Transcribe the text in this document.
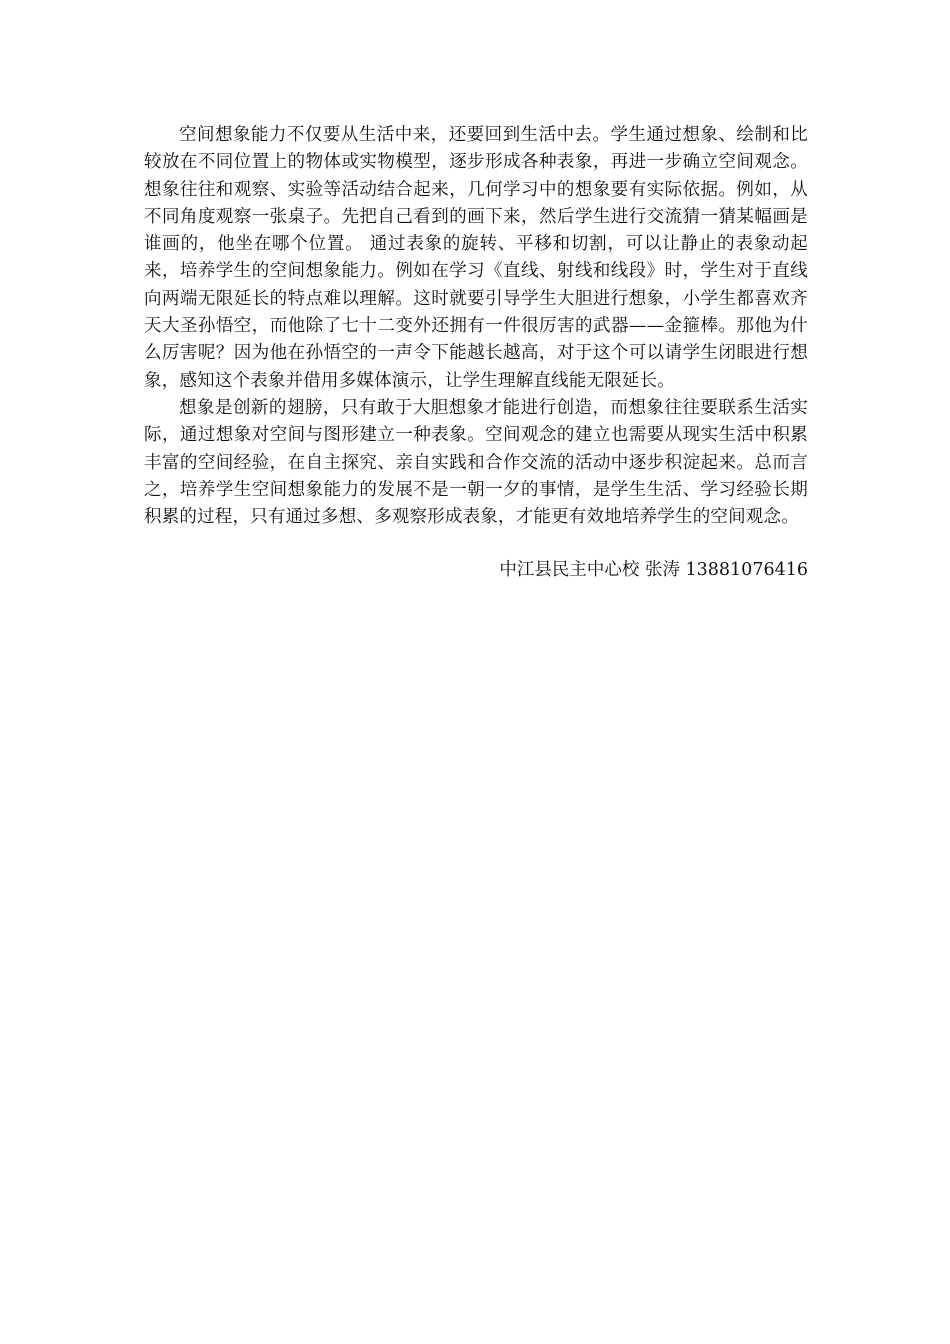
空间想象能力不仅要从生活中来，还要回到生活中去。学生通过想象、绘制和比较放在不同位置上的物体或实物模型，逐步形成各种表象，再进一步确立空间观念。想象往往和观察、实验等活动结合起来，几何学习中的想象要有实际依据。例如，从不同角度观察一张桌子。先把自己看到的画下来，然后学生进行交流猜一猜某幅画是谁画的，他坐在哪个位置。 通过表象的旋转、平移和切割，可以让静止的表象动起来，培养学生的空间想象能力。例如在学习《直线、射线和线段》时，学生对于直线向两端无限延长的特点难以理解。这时就要引导学生大胆进行想象，小学生都喜欢齐天大圣孙悟空，而他除了七十二变外还拥有一件很厉害的武器——金箍棒。那他为什么厉害呢？因为他在孙悟空的一声令下能越长越高，对于这个可以请学生闭眼进行想象，感知这个表象并借用多媒体演示，让学生理解直线能无限延长。

想象是创新的翅膀，只有敢于大胆想象才能进行创造，而想象往往要联系生活实际，通过想象对空间与图形建立一种表象。空间观念的建立也需要从现实生活中积累丰富的空间经验，在自主探究、亲自实践和合作交流的活动中逐步积淀起来。总而言之，培养学生空间想象能力的发展不是一朝一夕的事情，是学生生活、学习经验长期积累的过程，只有通过多想、多观察形成表象，才能更有效地培养学生的空间观念。

中江县民主中心校 张涛 13881076416
